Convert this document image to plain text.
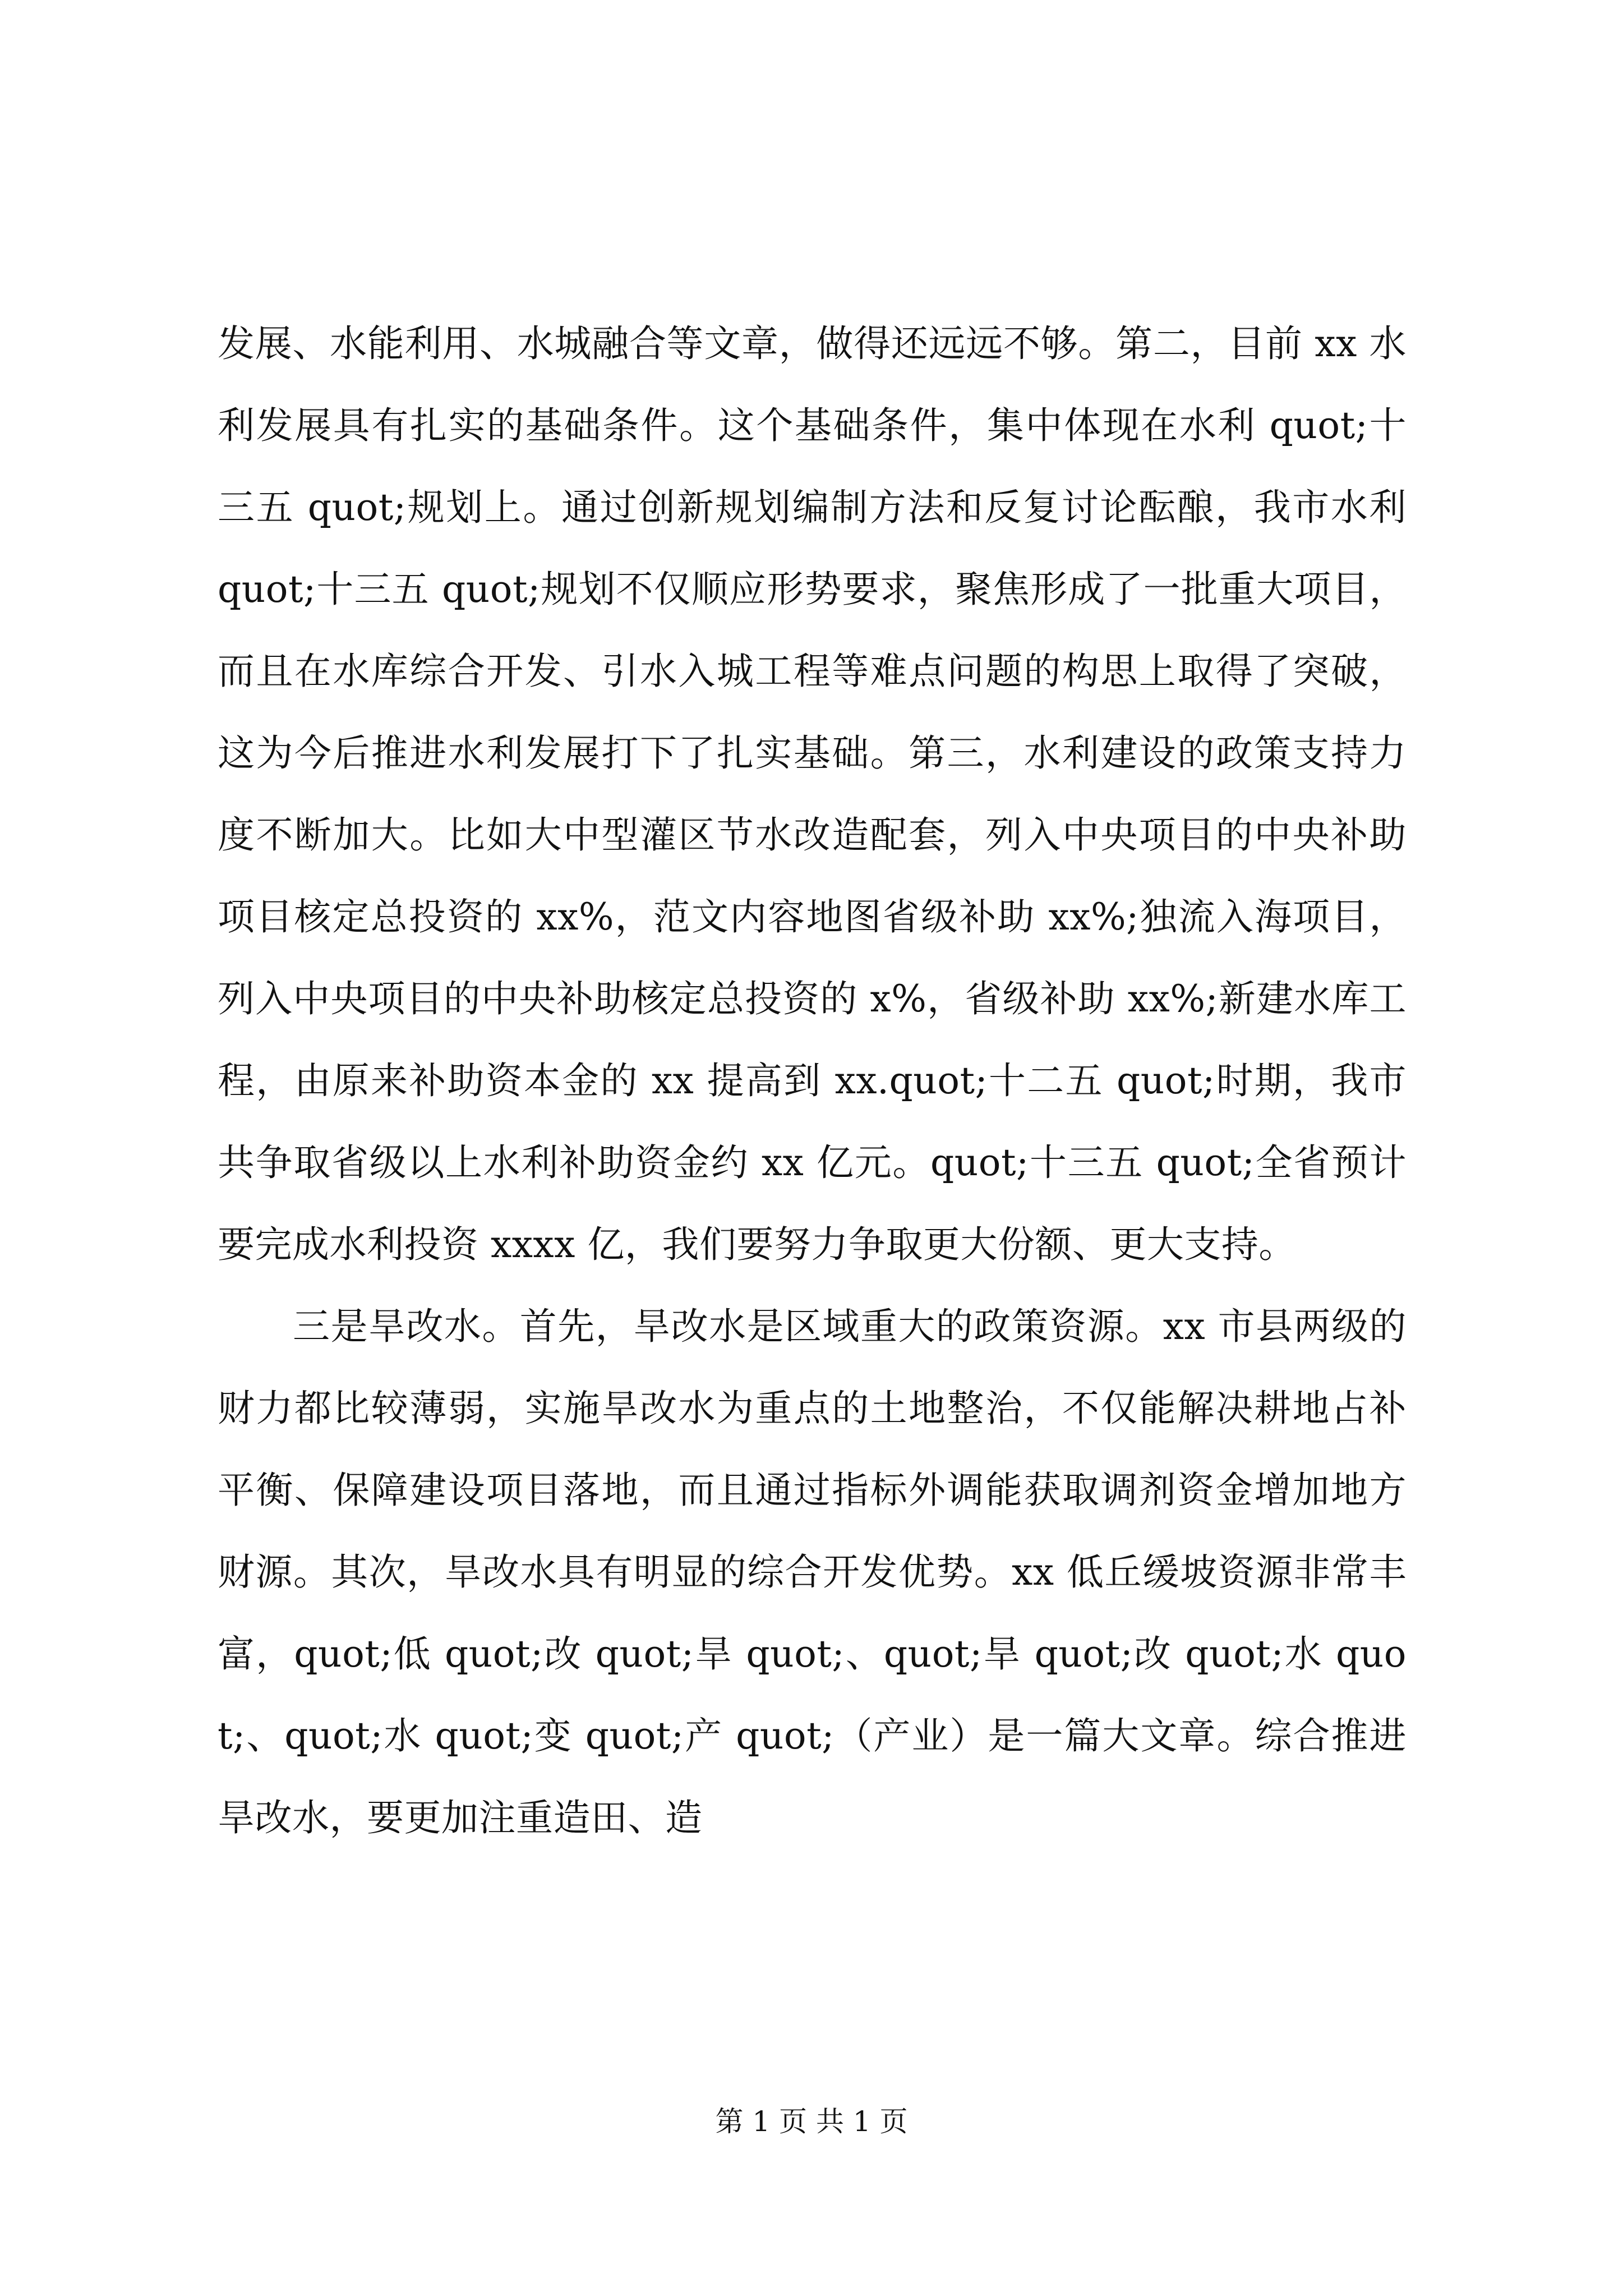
发展、水能利用、水城融合等文章，做得还远远不够。第二，目前 xx 水利发展具有扎实的基础条件。这个基础条件，集中体现在水利 quot;十三五 quot;规划上。通过创新规划编制方法和反复讨论酝酿，我市水利 quot;十三五 quot;规划不仅顺应形势要求，聚焦形成了一批重大项目，而且在水库综合开发、引水入城工程等难点问题的构思上取得了突破，这为今后推进水利发展打下了扎实基础。第三，水利建设的政策支持力度不断加大。比如大中型灌区节水改造配套，列入中央项目的中央补助项目核定总投资的 xx%，范文内容地图省级补助 xx%;独流入海项目，列入中央项目的中央补助核定总投资的 x%，省级补助 xx%;新建水库工程，由原来补助资本金的 xx 提高到 xx.quot;十二五 quot;时期，我市共争取省级以上水利补助资金约 xx 亿元。quot;十三五 quot;全省预计要完成水利投资 xxxx 亿，我们要努力争取更大份额、更大支持。

三是旱改水。首先，旱改水是区域重大的政策资源。xx 市县两级的财力都比较薄弱，实施旱改水为重点的土地整治，不仅能解决耕地占补平衡、保障建设项目落地，而且通过指标外调能获取调剂资金增加地方财源。其次，旱改水具有明显的综合开发优势。xx 低丘缓坡资源非常丰富，quot;低 quot;改 quot;旱 quot;、quot;旱 quot;改 quot;水 quot;、quot;水 quot;变 quot;产 quot;（产业）是一篇大文章。综合推进旱改水，要更加注重造田、造

第 1 页 共 1 页
